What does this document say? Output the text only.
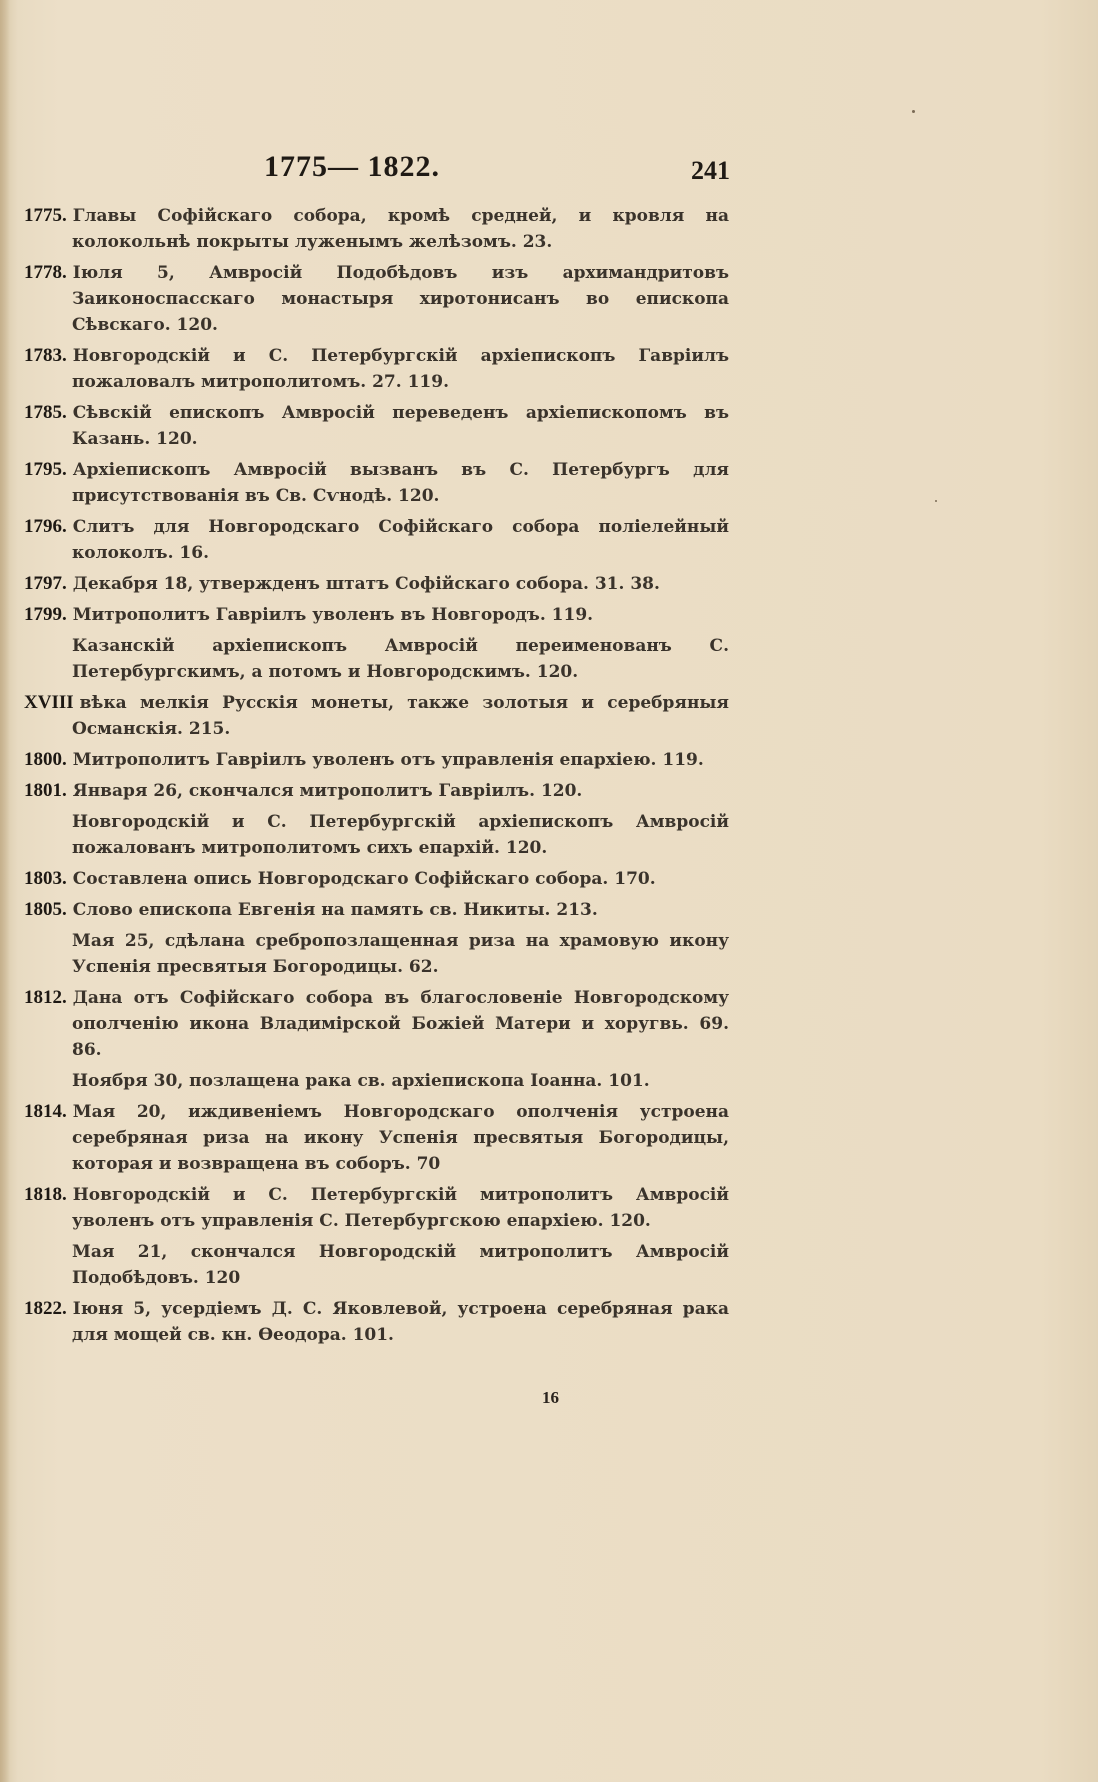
1775— 1822.	241
1775. Главы Софійскаго собора, кромѣ средней, и кровля на колокольнѣ покрыты луженымъ желѣзомъ. 23.
1778. Іюля 5, Амвросій Подобѣдовъ изъ архимандритовъ Заиконоспасскаго монастыря хиротонисанъ во епископа Сѣвскаго. 120.
1783. Новгородскій и С. Петербургскій архіепископъ Гавріилъ пожаловалъ митрополитомъ. 27. 119.
1785. Сѣвскій епископъ Амвросій переведенъ архіепископомъ въ Казань. 120.
1795. Архіепископъ Амвросій вызванъ въ С. Петербургъ для присутствованія въ Св. Сѵнодѣ. 120.
1796. Слитъ для Новгородскаго Софійскаго собора поліелейный колоколъ. 16.
1797. Декабря 18, утвержденъ штатъ Софійскаго собора. 31. 38.
1799. Митрополитъ Гавріилъ уволенъ въ Новгородъ. 119.
Казанскій архіепископъ Амвросій переименованъ С. Петербургскимъ, а потомъ и Новгородскимъ. 120.
XVIII вѣка мелкія Русскія монеты, также золотыя и серебряныя Османскія. 215.
1800. Митрополитъ Гавріилъ уволенъ отъ управленія епархіею. 119.
1801. Января 26, скончался митрополитъ Гавріилъ. 120.
Новгородскій и С. Петербургскій архіепископъ Амвросій пожалованъ митрополитомъ сихъ епархій. 120.
1803. Составлена опись Новгородскаго Софійскаго собора. 170.
1805. Слово епископа Евгенія на память св. Никиты. 213.
Мая 25, сдѣлана сребропозлащенная риза на храмовую икону Успенія пресвятыя Богородицы. 62.
1812. Дана отъ Софійскаго собора въ благословеніе Новгородскому ополченію икона Владимірской Божіей Матери и хоругвь. 69. 86.
Ноября 30, позлащена рака св. архіепископа Іоанна. 101.
1814. Мая 20, иждивеніемъ Новгородскаго ополченія устроена серебряная риза на икону Успенія пресвятыя Богородицы, которая и возвращена въ соборъ. 70
1818. Новгородскій и С. Петербургскій митрополитъ Амвросій уволенъ отъ управленія С. Петербургскою епархіею. 120.
Мая 21, скончался Новгородскій митрополитъ Амвросій Подобѣдовъ. 120
1822. Іюня 5, усердіемъ Д. С. Яковлевой, устроена серебряная рака для мощей св. кн. Өеодора. 101.
16
